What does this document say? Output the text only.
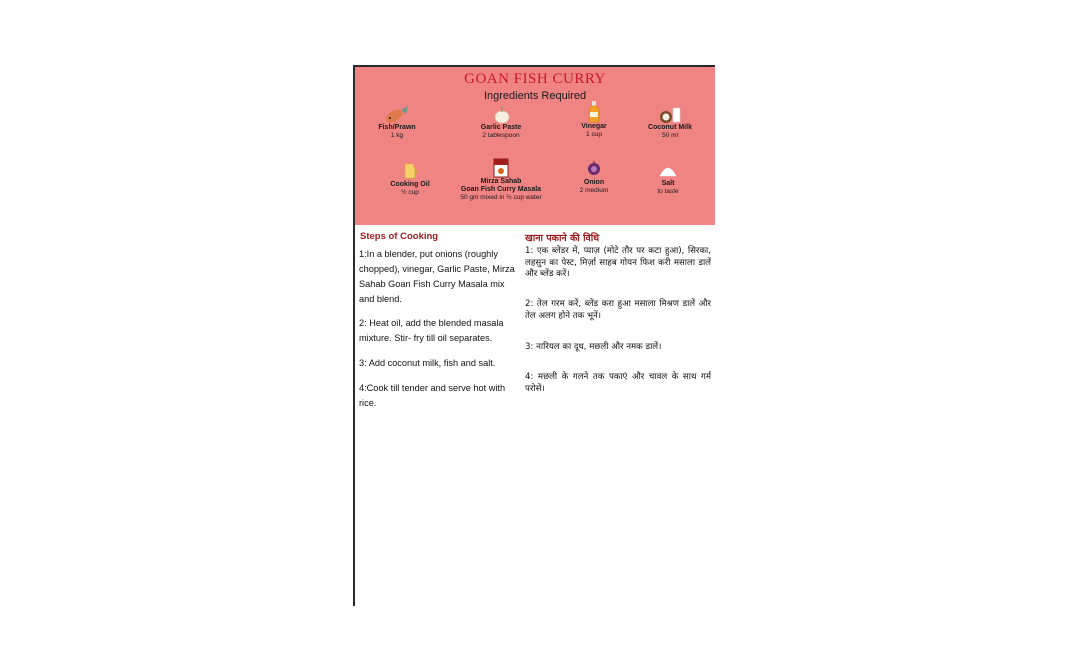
GOAN FISH CURRY
Ingredients Required
Fish/Prawn
1 kg
Garlic Paste
2 tablespoon
Vinegar
1 cup
Coconut Milk
50 ml
Cooking Oil
½ cup
Mirza Sahab
Goan Fish Curry Masala
50 gm mixed in ½ cup water
Onion
2 medium
Salt
to taste
Steps of Cooking
1:In a blender, put onions (roughly chopped), vinegar, Garlic Paste, Mirza Sahab Goan Fish Curry Masala mix and blend.
2: Heat oil, add the blended masala mixture. Stir- fry till oil separates.
3: Add coconut milk, fish and salt.
4:Cook till tender and serve hot with rice.
खाना पकाने की विधि
1: एक ब्लेंडर में, प्याज़ (मोटे तौर पर कटा हुआ), सिरका, लहसुन का पेस्ट, मिर्ज़ा साहब गोयन फिश करी मसाला डालें और ब्लेंड करें।
2: तेल गरम करें, ब्लेंड करा हुआ मसाला मिश्रण डालें और तेल अलग होने तक भूनें।
3: नारियल का दूध, मछली और नमक डालें।
4: मछली के गलने तक पकाएं और चावल के साथ गर्म परोसें।
